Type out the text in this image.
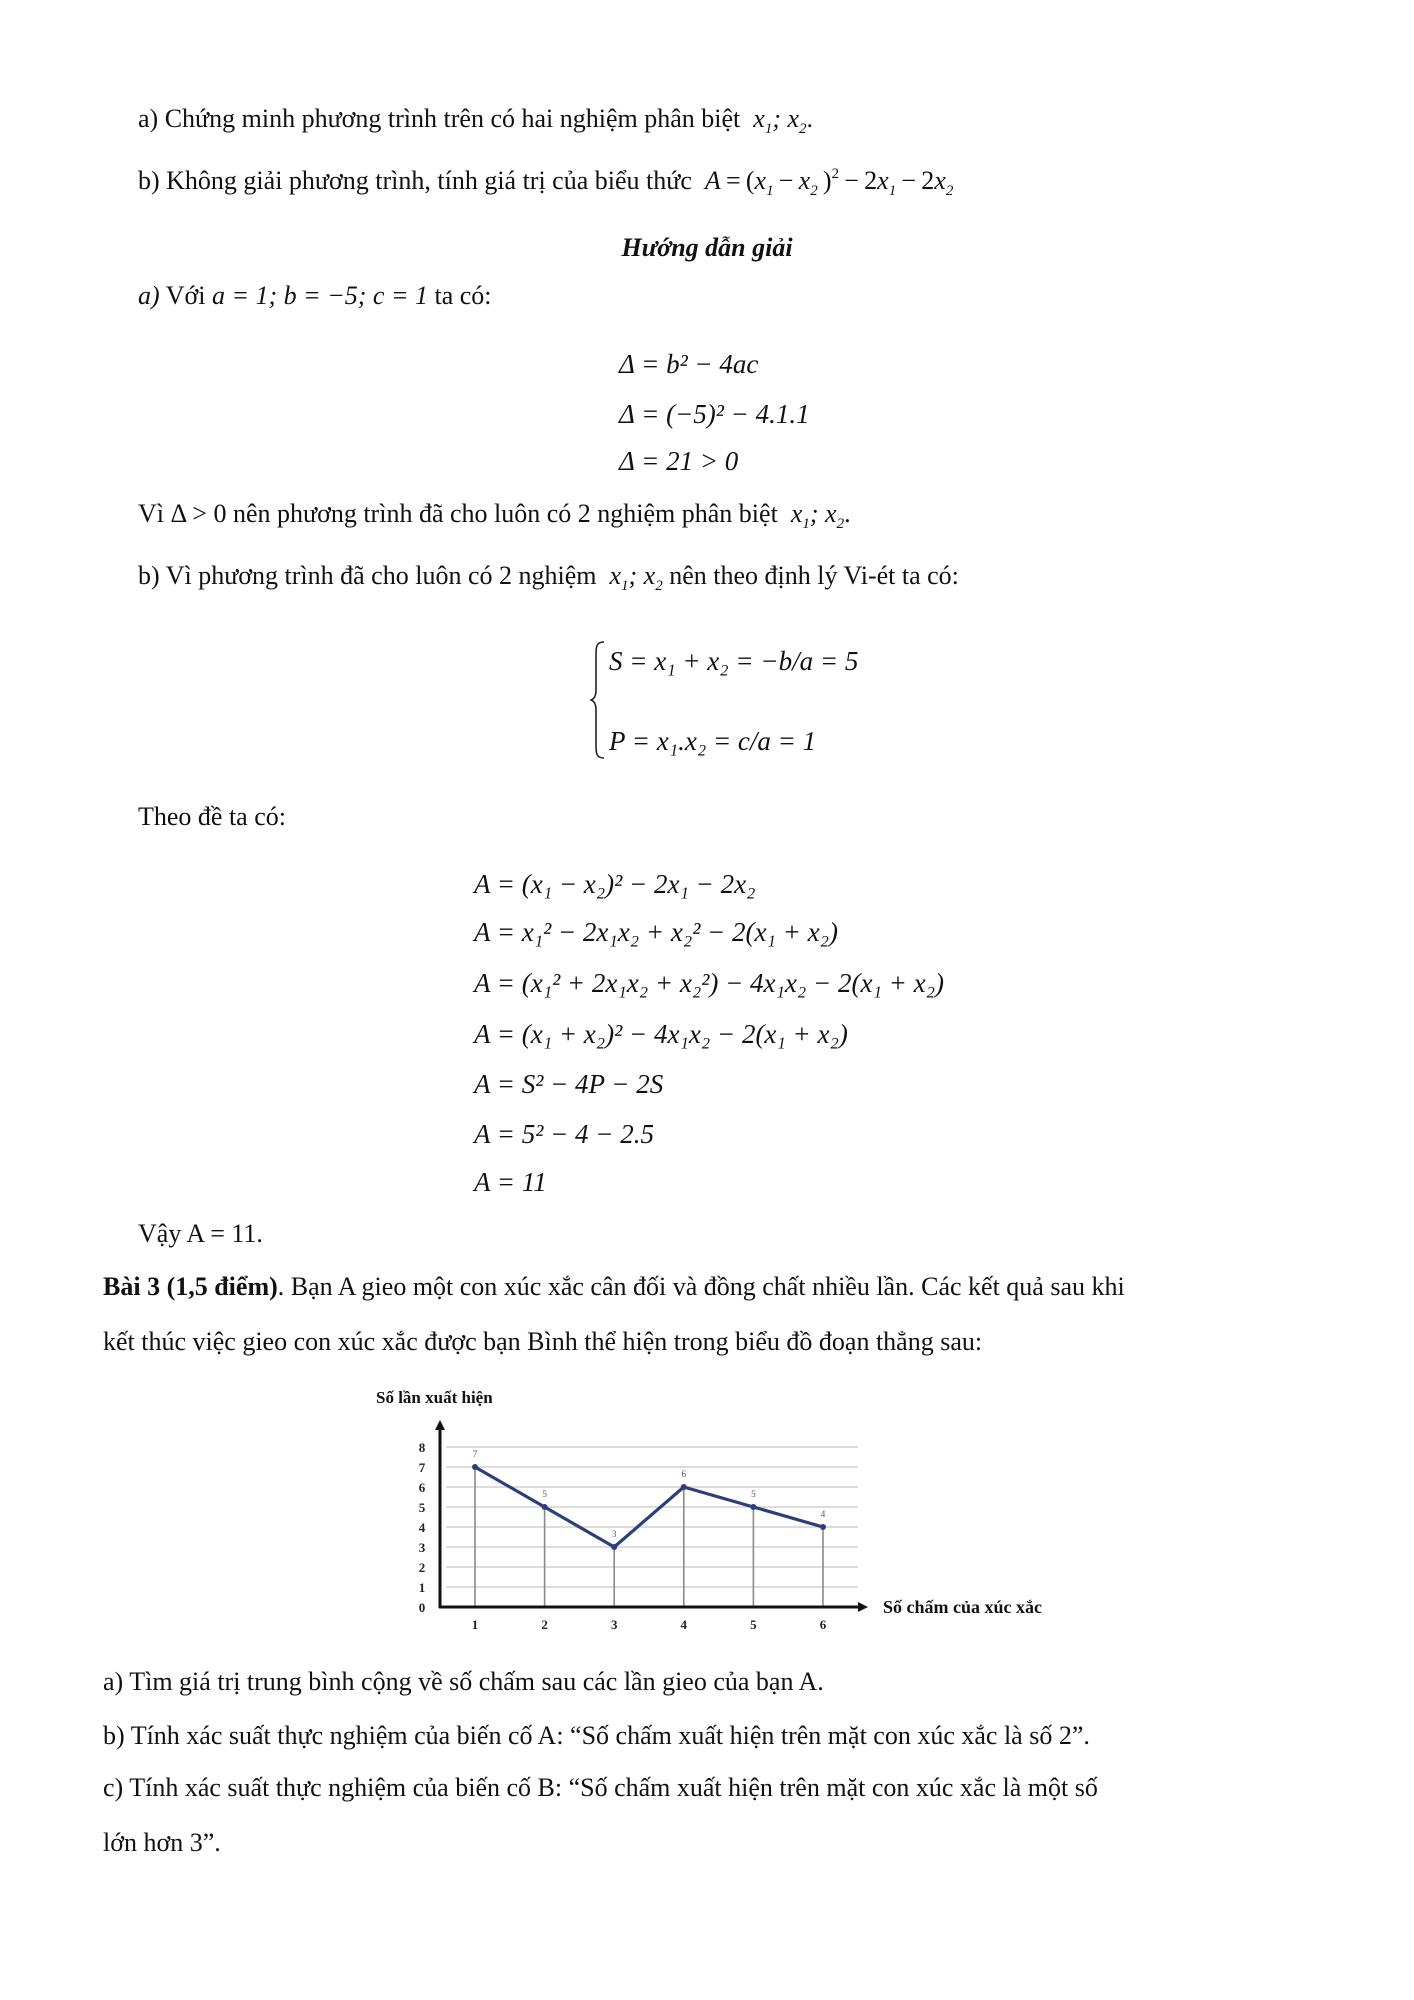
a) Chứng minh phương trình trên có hai nghiệm phân biệt  $x_1$; $x_2$.
b) Không giải phương trình, tính giá trị của biểu thức  $A = (x_1 - x_2$ )$^2 - 2x_1 - 2x_2$
Hướng dẫn giải
a) Với a = 1; b = −5; c = 1 ta có:
Δ = b² − 4ac
Δ = (−5)² − 4.1.1
Δ = 21 > 0
Vì Δ > 0 nên phương trình đã cho luôn có 2 nghiệm phân biệt  $x_1$; $x_2$.
b) Vì phương trình đã cho luôn có 2 nghiệm  $x_1$; $x_2$ nên theo định lý Vi-ét ta có:
S = x₁ + x₂ = −b/a = 5
P = x₁.x₂ = c/a = 1
Theo đề ta có:
A = (x₁ − x₂)² − 2x₁ − 2x₂
A = x₁² − 2x₁x₂ + x₂² − 2(x₁ + x₂)
A = (x₁² + 2x₁x₂ + x₂²) − 4x₁x₂ − 2(x₁ + x₂)
A = (x₁ + x₂)² − 4x₁x₂ − 2(x₁ + x₂)
A = S² − 4P − 2S
A = 5² − 4 − 2.5
A = 11
Vậy A = 11.
Bài 3 (1,5 điểm). Bạn A gieo một con xúc xắc cân đối và đồng chất nhiều lần. Các kết quả sau khi
kết thúc việc gieo con xúc xắc được bạn Bình thể hiện trong biểu đồ đoạn thẳng sau:
Số lần xuất hiện
Số chấm của xúc xắc
0
1
2
3
4
5
6
7
8
1	2	3	4	5	6
7
5
3
6
5
4
a) Tìm giá trị trung bình cộng về số chấm sau các lần gieo của bạn A.
b) Tính xác suất thực nghiệm của biến cố A: “Số chấm xuất hiện trên mặt con xúc xắc là số 2”.
c) Tính xác suất thực nghiệm của biến cố B: “Số chấm xuất hiện trên mặt con xúc xắc là một số
lớn hơn 3”.
